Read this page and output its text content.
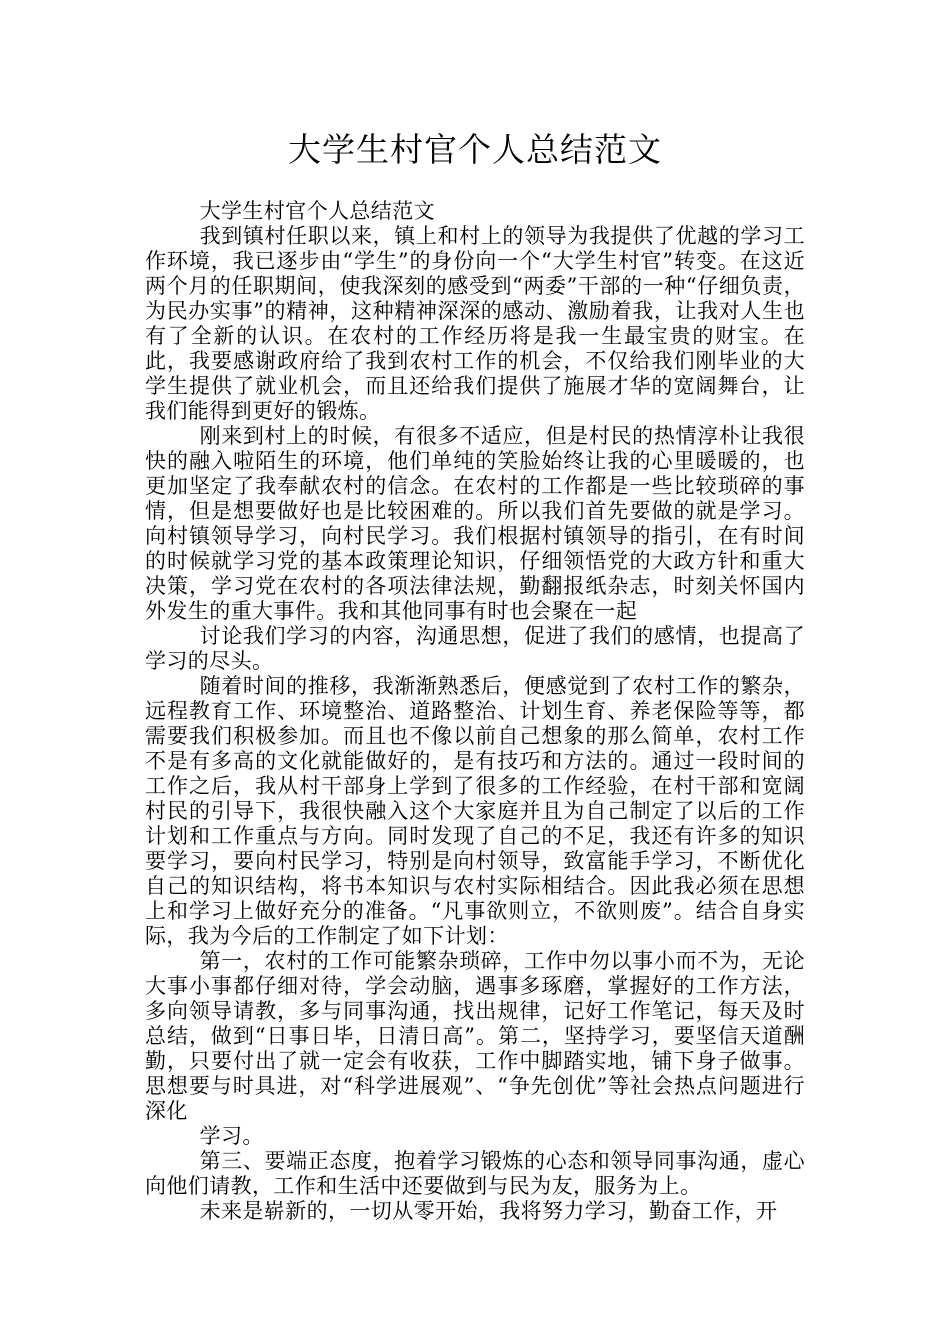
大学生村官个人总结范文

大学生村官个人总结范文

我到镇村任职以来，镇上和村上的领导为我提供了优越的学习工作环境，我已逐步由“学生”的身份向一个“大学生村官”转变。在这近两个月的任职期间，使我深刻的感受到“两委”干部的一种“仔细负责，为民办实事”的精神，这种精神深深的感动、激励着我，让我对人生也有了全新的认识。在农村的工作经历将是我一生最宝贵的财宝。在此，我要感谢政府给了我到农村工作的机会，不仅给我们刚毕业的大学生提供了就业机会，而且还给我们提供了施展才华的宽阔舞台，让我们能得到更好的锻炼。

刚来到村上的时候，有很多不适应，但是村民的热情淳朴让我很快的融入啦陌生的环境，他们单纯的笑脸始终让我的心里暖暖的，也更加坚定了我奉献农村的信念。在农村的工作都是一些比较琐碎的事情，但是想要做好也是比较困难的。所以我们首先要做的就是学习。向村镇领导学习，向村民学习。我们根据村镇领导的指引，在有时间的时候就学习党的基本政策理论知识，仔细领悟党的大政方针和重大决策，学习党在农村的各项法律法规，勤翻报纸杂志，时刻关怀国内外发生的重大事件。我和其他同事有时也会聚在一起

讨论我们学习的内容，沟通思想，促进了我们的感情，也提高了学习的尽头。

随着时间的推移，我渐渐熟悉后，便感觉到了农村工作的繁杂，远程教育工作、环境整治、道路整治、计划生育、养老保险等等，都需要我们积极参加。而且也不像以前自己想象的那么简单，农村工作不是有多高的文化就能做好的，是有技巧和方法的。通过一段时间的工作之后，我从村干部身上学到了很多的工作经验，在村干部和宽阔村民的引导下，我很快融入这个大家庭并且为自己制定了以后的工作计划和工作重点与方向。同时发现了自己的不足，我还有许多的知识要学习，要向村民学习，特别是向村领导，致富能手学习，不断优化自己的知识结构，将书本知识与农村实际相结合。因此我必须在思想上和学习上做好充分的准备。“凡事欲则立，不欲则废”。结合自身实际，我为今后的工作制定了如下计划：

第一，农村的工作可能繁杂琐碎，工作中勿以事小而不为，无论大事小事都仔细对待，学会动脑，遇事多琢磨，掌握好的工作方法，多向领导请教，多与同事沟通，找出规律，记好工作笔记，每天及时总结，做到“日事日毕，日清日高”。第二，坚持学习，要坚信天道酬勤，只要付出了就一定会有收获，工作中脚踏实地，铺下身子做事。思想要与时具进，对“科学进展观”、“争先创优”等社会热点问题进行深化

学习。

第三、要端正态度，抱着学习锻炼的心态和领导同事沟通，虚心向他们请教，工作和生活中还要做到与民为友，服务为上。

未来是崭新的，一切从零开始，我将努力学习，勤奋工作，开
